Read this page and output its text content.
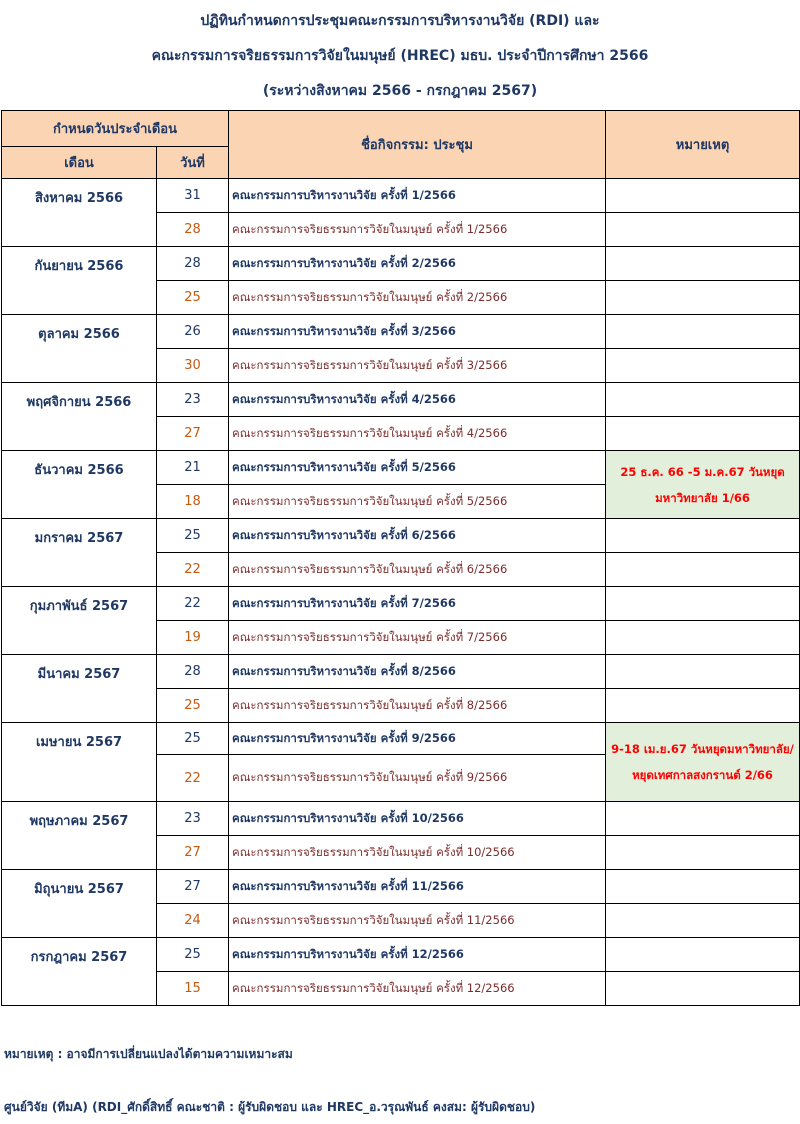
ปฏิทินกำหนดการประชุมคณะกรรมการบริหารงานวิจัย (RDI) และ
คณะกรรมการจริยธรรมการวิจัยในมนุษย์ (HREC) มธบ. ประจำปีการศึกษา 2566
(ระหว่างสิงหาคม 2566 - กรกฎาคม 2567)
กำหนดวันประจำเดือน		ชื่อกิจกรรม: ประชุม	หมายเหตุ
เดือน	วันที่		
สิงหาคม 2566	31	คณะกรรมการบริหารงานวิจัย ครั้งที่ 1/2566	
	28	คณะกรรมการจริยธรรมการวิจัยในมนุษย์ ครั้งที่ 1/2566	
กันยายน 2566	28	คณะกรรมการบริหารงานวิจัย ครั้งที่ 2/2566	
	25	คณะกรรมการจริยธรรมการวิจัยในมนุษย์ ครั้งที่ 2/2566	
ตุลาคม 2566	26	คณะกรรมการบริหารงานวิจัย ครั้งที่ 3/2566	
	30	คณะกรรมการจริยธรรมการวิจัยในมนุษย์ ครั้งที่ 3/2566	
พฤศจิกายน 2566	23	คณะกรรมการบริหารงานวิจัย ครั้งที่ 4/2566	
	27	คณะกรรมการจริยธรรมการวิจัยในมนุษย์ ครั้งที่ 4/2566	
ธันวาคม 2566	21	คณะกรรมการบริหารงานวิจัย ครั้งที่ 5/2566	25 ธ.ค. 66 -5 ม.ค.67 วันหยุดมหาวิทยาลัย 1/66
	18	คณะกรรมการจริยธรรมการวิจัยในมนุษย์ ครั้งที่ 5/2566	
มกราคม 2567	25	คณะกรรมการบริหารงานวิจัย ครั้งที่ 6/2566	
	22	คณะกรรมการจริยธรรมการวิจัยในมนุษย์ ครั้งที่ 6/2566	
กุมภาพันธ์ 2567	22	คณะกรรมการบริหารงานวิจัย ครั้งที่ 7/2566	
	19	คณะกรรมการจริยธรรมการวิจัยในมนุษย์ ครั้งที่ 7/2566	
มีนาคม 2567	28	คณะกรรมการบริหารงานวิจัย ครั้งที่ 8/2566	
	25	คณะกรรมการจริยธรรมการวิจัยในมนุษย์ ครั้งที่ 8/2566	
เมษายน 2567	25	คณะกรรมการบริหารงานวิจัย ครั้งที่ 9/2566	9-18 เม.ย.67 วันหยุดมหาวิทยาลัย/หยุดเทศกาลสงกรานต์ 2/66
	22	คณะกรรมการจริยธรรมการวิจัยในมนุษย์ ครั้งที่ 9/2566	
พฤษภาคม 2567	23	คณะกรรมการบริหารงานวิจัย ครั้งที่ 10/2566	
	27	คณะกรรมการจริยธรรมการวิจัยในมนุษย์ ครั้งที่ 10/2566	
มิถุนายน 2567	27	คณะกรรมการบริหารงานวิจัย ครั้งที่ 11/2566	
	24	คณะกรรมการจริยธรรมการวิจัยในมนุษย์ ครั้งที่ 11/2566	
กรกฎาคม 2567	25	คณะกรรมการบริหารงานวิจัย ครั้งที่ 12/2566	
	15	คณะกรรมการจริยธรรมการวิจัยในมนุษย์ ครั้งที่ 12/2566	
หมายเหตุ : อาจมีการเปลี่ยนแปลงได้ตามความเหมาะสม
ศูนย์วิจัย (ทีมA) (RDI_ศักดิ์สิทธิ์ คณะชาติ : ผู้รับผิดชอบ และ HREC_อ.วรุณพันธ์ คงสม: ผู้รับผิดชอบ)
